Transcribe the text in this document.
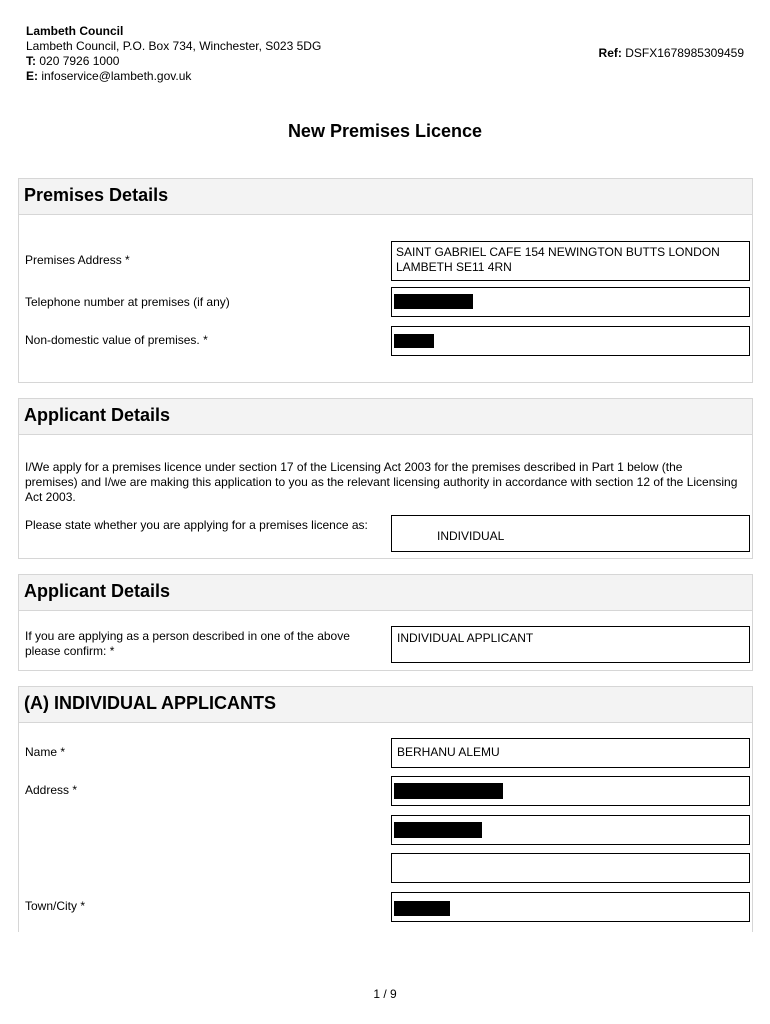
Lambeth Council
Lambeth Council, P.O. Box 734, Winchester, S023 5DG
T: 020 7926 1000
E: infoservice@lambeth.gov.uk
Ref: DSFX1678985309459
New Premises Licence
Premises Details
Premises Address *
SAINT GABRIEL CAFE 154 NEWINGTON BUTTS LONDON
LAMBETH SE11 4RN
Telephone number at premises (if any)
Non-domestic value of premises. *
Applicant Details
I/We apply for a premises licence under section 17 of the Licensing Act 2003 for the premises described in Part 1 below (the premises) and I/we are making this application to you as the relevant licensing authority in accordance with section 12 of the Licensing Act 2003.
Please state whether you are applying for a premises licence as:
INDIVIDUAL
Applicant Details
If you are applying as a person described in one of the above please confirm: *
INDIVIDUAL APPLICANT
(A) INDIVIDUAL APPLICANTS
Name *	BERHANU ALEMU
Address *
Town/City *
1 / 9
